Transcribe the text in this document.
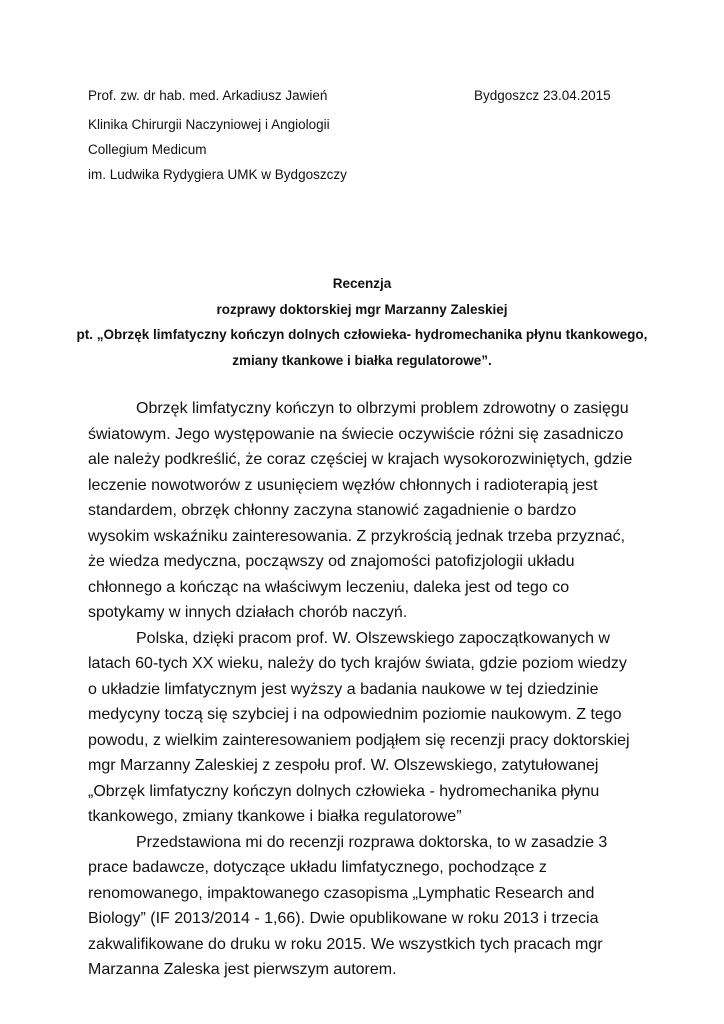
Prof. zw. dr hab. med. Arkadiusz Jawień	Bydgoszcz 23.04.2015
Klinika Chirurgii Naczyniowej i Angiologii
Collegium Medicum
im. Ludwika Rydygiera UMK w Bydgoszczy
Recenzja
rozprawy doktorskiej mgr Marzanny Zaleskiej
pt. „Obrzęk limfatyczny kończyn dolnych człowieka- hydromechanika płynu tkankowego,
zmiany tkankowe i białka regulatorowe”.

Obrzęk limfatyczny kończyn to olbrzymi problem zdrowotny o zasięgu światowym. Jego występowanie na świecie oczywiście różni się zasadniczo ale należy podkreślić, że coraz częściej w krajach wysokorozwiniętych, gdzie leczenie nowotworów z usunięciem węzłów chłonnych i radioterapią jest standardem, obrzęk chłonny zaczyna stanowić zagadnienie o bardzo wysokim wskaźniku zainteresowania. Z przykrością jednak trzeba przyznać, że wiedza medyczna, począwszy od znajomości patofizjologii układu chłonnego a kończąc na właściwym leczeniu, daleka jest od tego co spotykamy w innych działach chorób naczyń.

Polska, dzięki pracom prof. W. Olszewskiego zapoczątkowanych w latach 60-tych XX wieku, należy do tych krajów świata, gdzie poziom wiedzy o układzie limfatycznym jest wyższy a badania naukowe w tej dziedzinie medycyny toczą się szybciej i na odpowiednim poziomie naukowym. Z tego powodu, z wielkim zainteresowaniem podjąłem się recenzji pracy doktorskiej mgr Marzanny Zaleskiej z zespołu prof. W. Olszewskiego, zatytułowanej „Obrzęk limfatyczny kończyn dolnych człowieka - hydromechanika płynu tkankowego, zmiany tkankowe i białka regulatorowe”

Przedstawiona mi do recenzji rozprawa doktorska, to w zasadzie 3 prace badawcze, dotyczące układu limfatycznego, pochodzące z renomowanego, impaktowanego czasopisma „Lymphatic Research and Biology” (IF 2013/2014 - 1,66). Dwie opublikowane w roku 2013 i trzecia zakwalifikowane do druku w roku 2015. We wszystkich tych pracach mgr Marzanna Zaleska jest pierwszym autorem.
